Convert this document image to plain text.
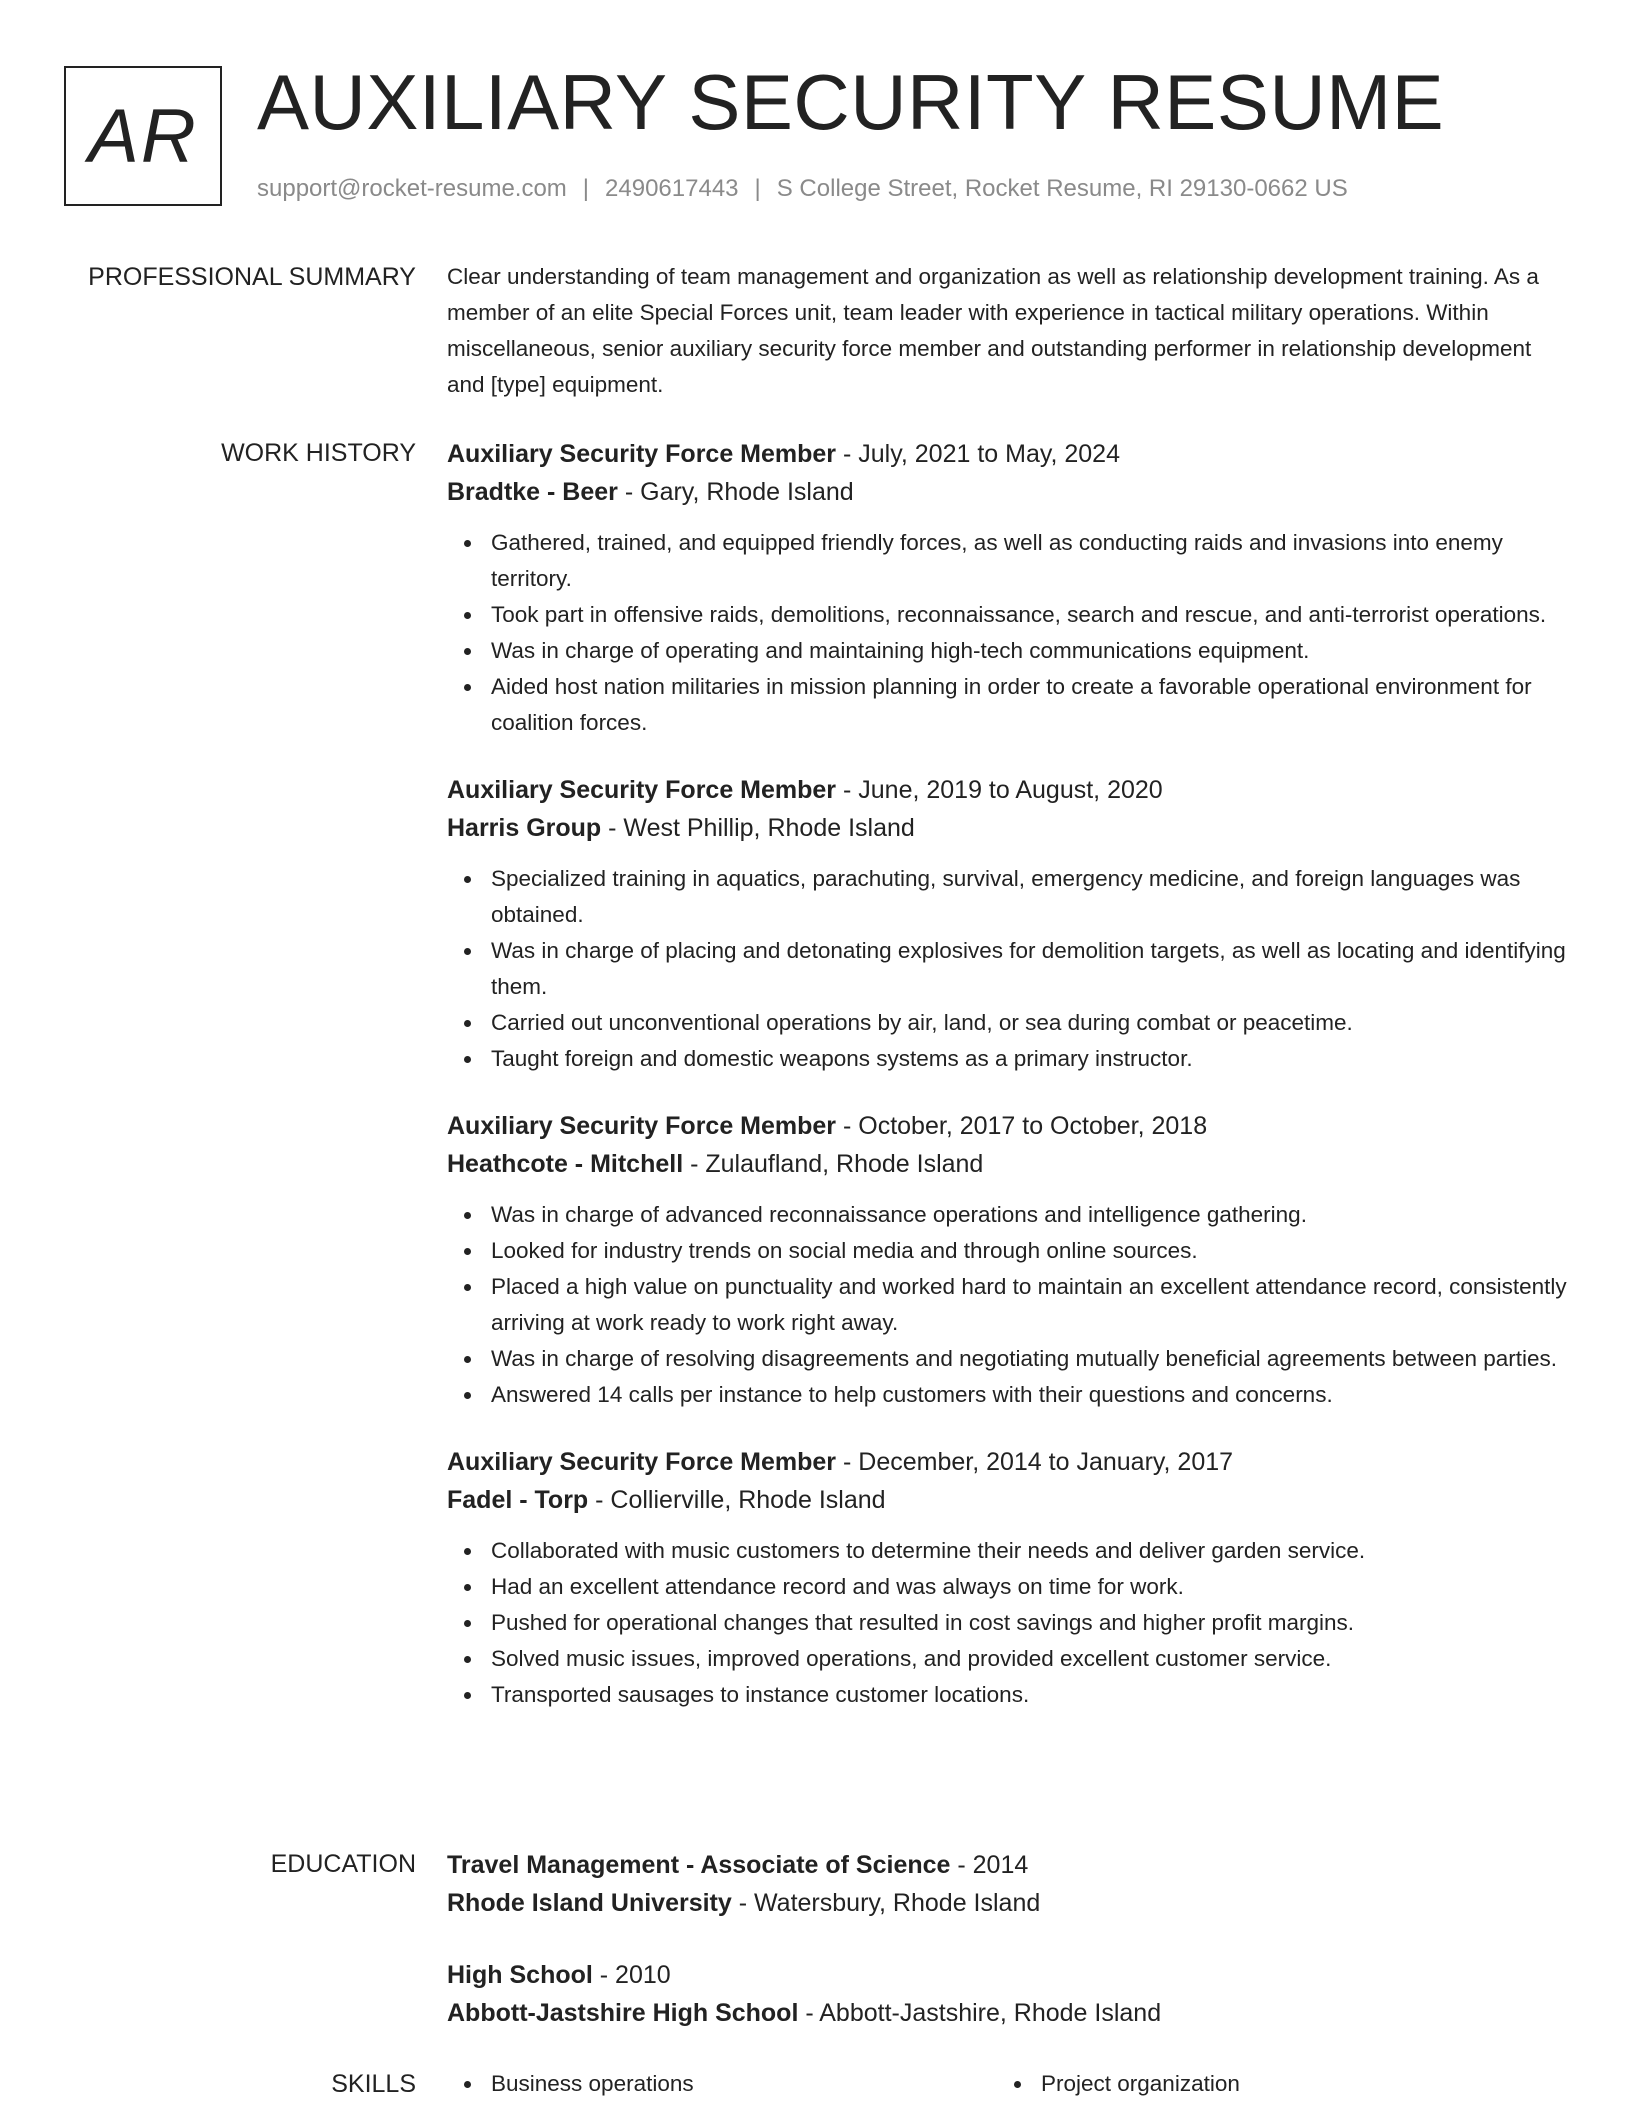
AR AUXILIARY SECURITY RESUME
support@rocket-resume.com | 2490617443 | S College Street, Rocket Resume, RI 29130-0662 US
PROFESSIONAL SUMMARY Clear understanding of team management and organization as well as relationship development training. As a member of an elite Special Forces unit, team leader with experience in tactical military operations. Within miscellaneous, senior auxiliary security force member and outstanding performer in relationship development and [type] equipment.

WORK HISTORY Auxiliary Security Force Member - July, 2021 to May, 2024
Bradtke - Beer - Gary, Rhode Island
Gathered, trained, and equipped friendly forces, as well as conducting raids and invasions into enemy territory.
Took part in offensive raids, demolitions, reconnaissance, search and rescue, and anti-terrorist operations.
Was in charge of operating and maintaining high-tech communications equipment.
Aided host nation militaries in mission planning in order to create a favorable operational environment for coalition forces.
Auxiliary Security Force Member - June, 2019 to August, 2020
Harris Group - West Phillip, Rhode Island
Specialized training in aquatics, parachuting, survival, emergency medicine, and foreign languages was obtained.
Was in charge of placing and detonating explosives for demolition targets, as well as locating and identifying them.
Carried out unconventional operations by air, land, or sea during combat or peacetime.
Taught foreign and domestic weapons systems as a primary instructor.
Auxiliary Security Force Member - October, 2017 to October, 2018
Heathcote - Mitchell - Zulaufland, Rhode Island
Was in charge of advanced reconnaissance operations and intelligence gathering.
Looked for industry trends on social media and through online sources.
Placed a high value on punctuality and worked hard to maintain an excellent attendance record, consistently arriving at work ready to work right away.
Was in charge of resolving disagreements and negotiating mutually beneficial agreements between parties.
Answered 14 calls per instance to help customers with their questions and concerns.
Auxiliary Security Force Member - December, 2014 to January, 2017
Fadel - Torp - Collierville, Rhode Island
Collaborated with music customers to determine their needs and deliver garden service.
Had an excellent attendance record and was always on time for work.
Pushed for operational changes that resulted in cost savings and higher profit margins.
Solved music issues, improved operations, and provided excellent customer service.
Transported sausages to instance customer locations.
EDUCATION Travel Management - Associate of Science - 2014
Rhode Island University - Watersbury, Rhode Island
High School - 2010
Abbott-Jastshire High School - Abbott-Jastshire, Rhode Island
SKILLS	Business operations	Project organization
